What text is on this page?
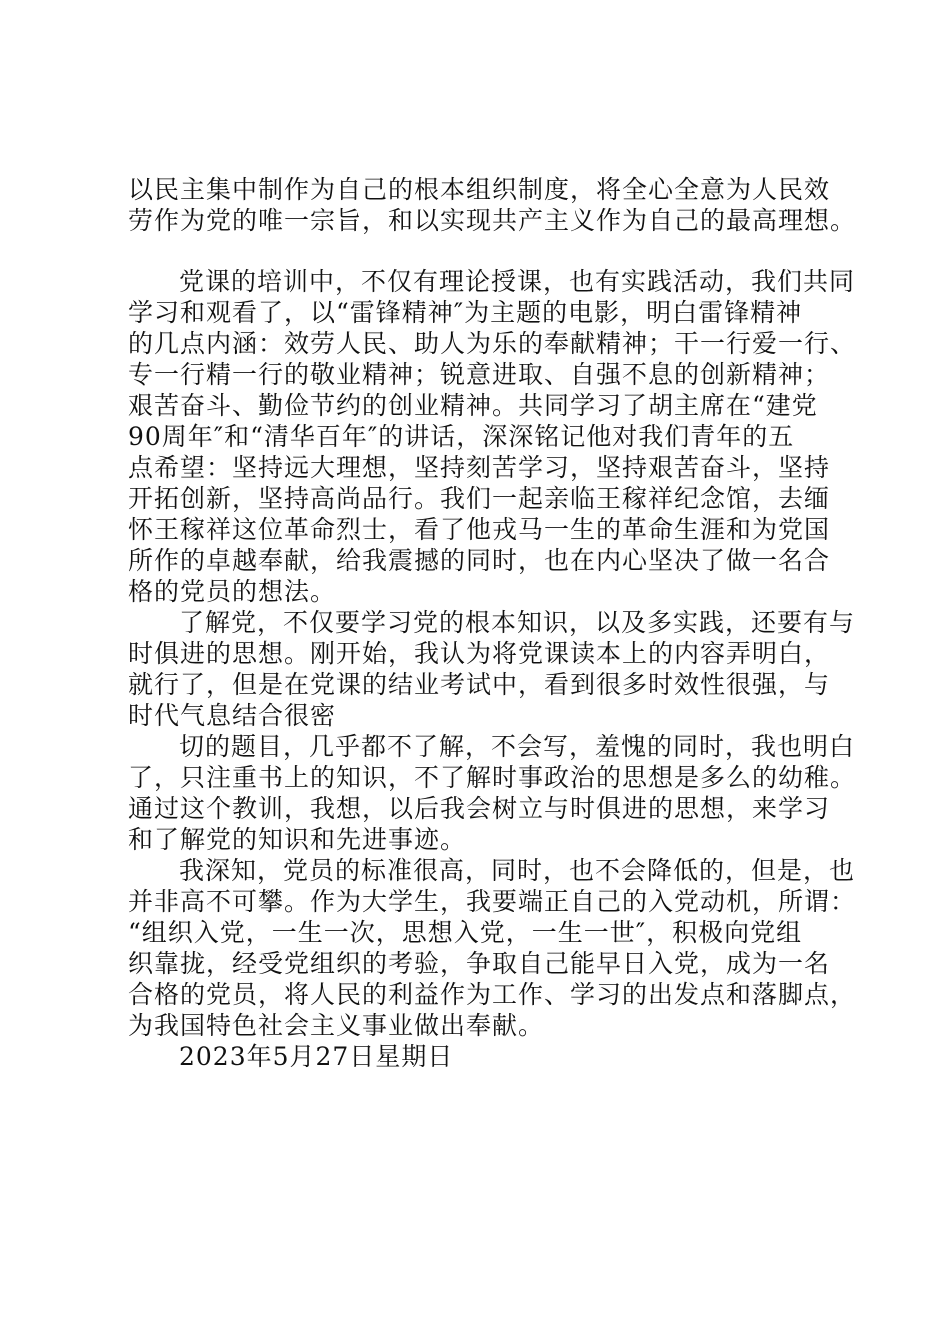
以民主集中制作为自己的根本组织制度，将全心全意为人民效
劳作为党的唯一宗旨，和以实现共产主义作为自己的最高理想。
党课的培训中，不仅有理论授课，也有实践活动，我们共同
学习和观看了，以“雷锋精神″为主题的电影，明白雷锋精神
的几点内涵：效劳人民、助人为乐的奉献精神；干一行爱一行、
专一行精一行的敬业精神；锐意进取、自强不息的创新精神；
艰苦奋斗、勤俭节约的创业精神。共同学习了胡主席在“建党
90周年″和“清华百年″的讲话，深深铭记他对我们青年的五
点希望：坚持远大理想，坚持刻苦学习，坚持艰苦奋斗，坚持
开拓创新，坚持高尚品行。我们一起亲临王稼祥纪念馆，去缅
怀王稼祥这位革命烈士，看了他戎马一生的革命生涯和为党国
所作的卓越奉献，给我震撼的同时，也在内心坚决了做一名合
格的党员的想法。
了解党，不仅要学习党的根本知识，以及多实践，还要有与
时俱进的思想。刚开始，我认为将党课读本上的内容弄明白，
就行了，但是在党课的结业考试中，看到很多时效性很强，与
时代气息结合很密
切的题目，几乎都不了解，不会写，羞愧的同时，我也明白
了，只注重书上的知识，不了解时事政治的思想是多么的幼稚。
通过这个教训，我想，以后我会树立与时俱进的思想，来学习
和了解党的知识和先进事迹。
我深知，党员的标准很高，同时，也不会降低的，但是，也
并非高不可攀。作为大学生，我要端正自己的入党动机，所谓：
“组织入党，一生一次，思想入党，一生一世″，积极向党组
织靠拢，经受党组织的考验，争取自己能早日入党，成为一名
合格的党员，将人民的利益作为工作、学习的出发点和落脚点，
为我国特色社会主义事业做出奉献。
2023年5月27日星期日
